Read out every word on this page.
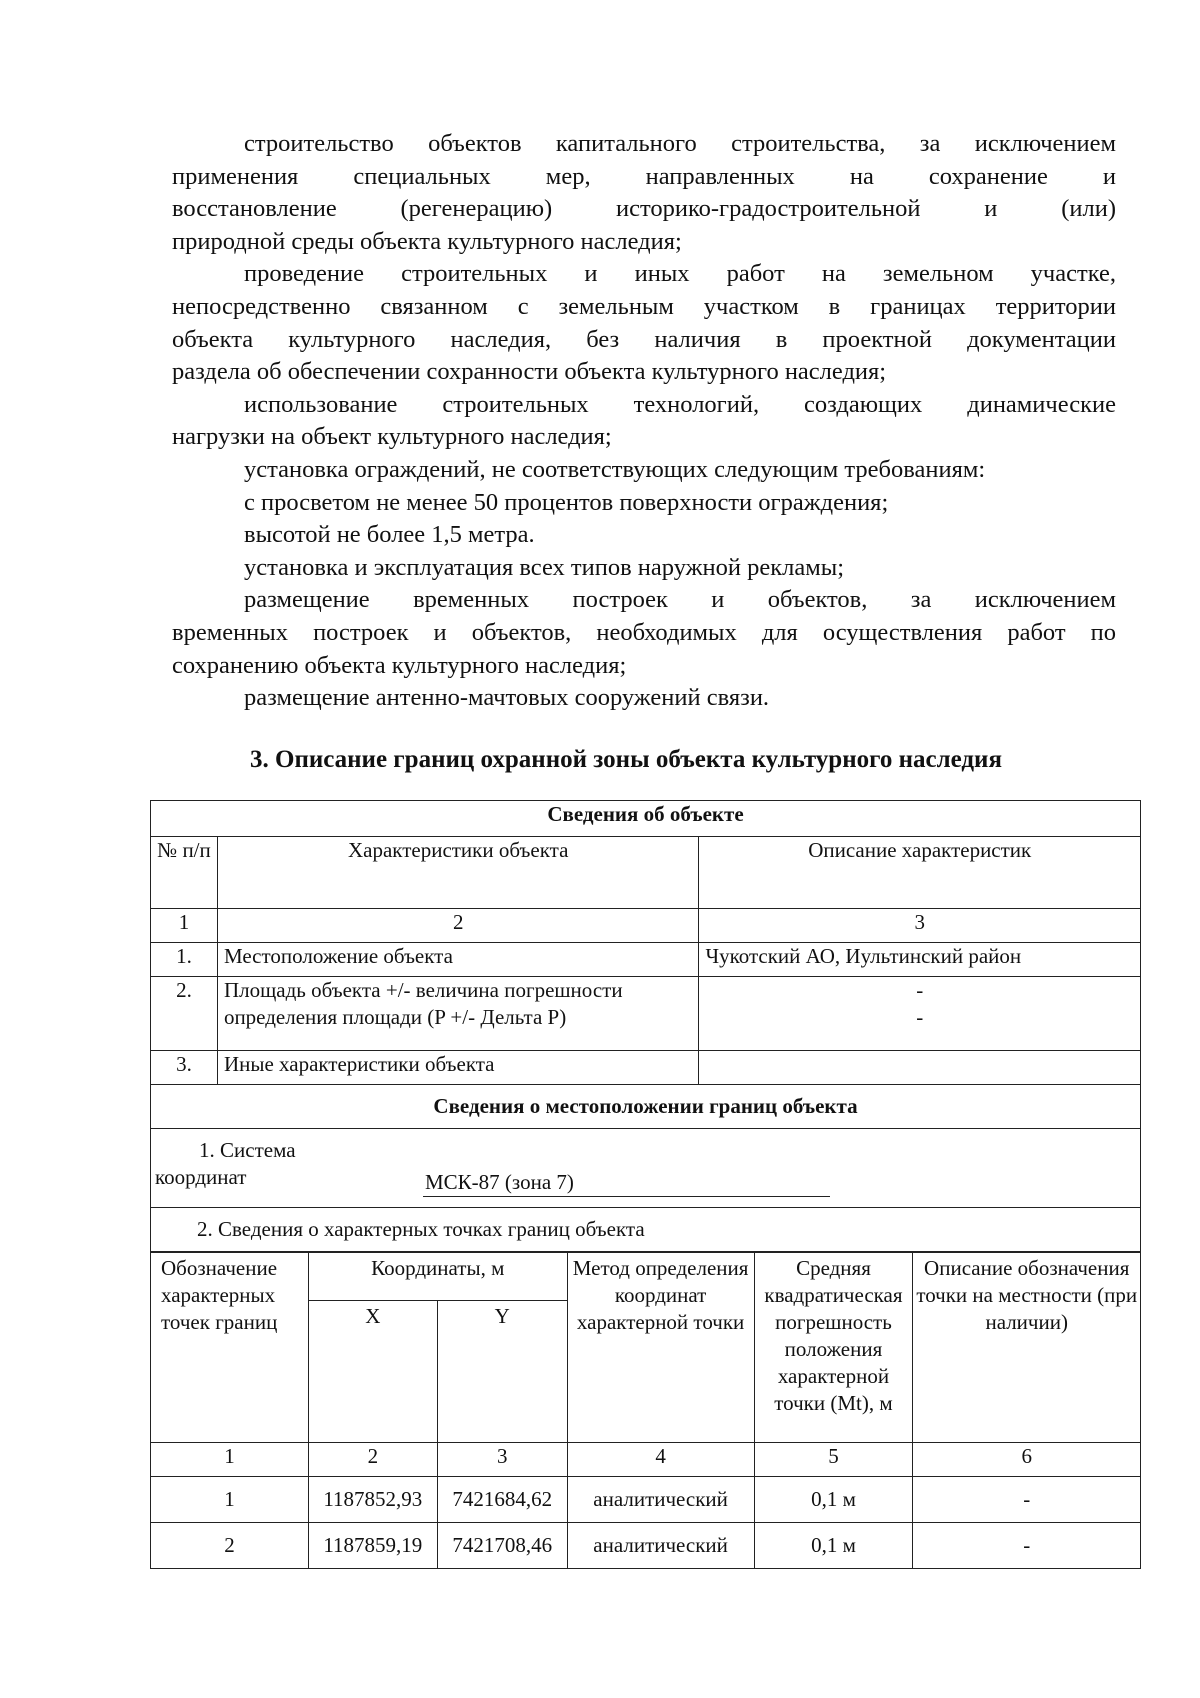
строительство объектов капитального строительства, за исключением
применения специальных мер, направленных на сохранение и
восстановление (регенерацию) историко-градостроительной и (или)
природной среды объекта культурного наследия;
проведение строительных и иных работ на земельном участке,
непосредственно связанном с земельным участком в границах территории
объекта культурного наследия, без наличия в проектной документации
раздела об обеспечении сохранности объекта культурного наследия;
использование строительных технологий, создающих динамические
нагрузки на объект культурного наследия;
установка ограждений, не соответствующих следующим требованиям:
с просветом не менее 50 процентов поверхности ограждения;
высотой не более 1,5 метра.
установка и эксплуатация всех типов наружной рекламы;
размещение временных построек и объектов, за исключением
временных построек и объектов, необходимых для осуществления работ по
сохранению объекта культурного наследия;
размещение антенно-мачтовых сооружений связи.
3. Описание границ охранной зоны объекта культурного наследия
Сведения об объекте		
№ п/п	Характеристики объекта	Описание характеристик
1	2	3
1.	Местоположение объекта	Чукотский АО, Иультинский район
2.	Площадь объекта +/- величина погрешности определения площади (P +/- Дельта P)	-
-

3.	Иные характеристики объекта	
Сведения о местоположении границ объекта		

1. Система координат МСК-87 (зона 7)		

2. Сведения о характерных точках границ объекта		
Обозначение характерных точек границ	Координаты, м		Метод определения координат характерной точки	Средняя квадратическая погрешность положения характерной точки (Mt), м	Описание обозначения точки на местности (при наличии)
	X	Y			
1	2	3	4	5	6
1	1187852,93	7421684,62	аналитический	0,1 м	-
2	1187859,19	7421708,46	аналитический	0,1 м	-
